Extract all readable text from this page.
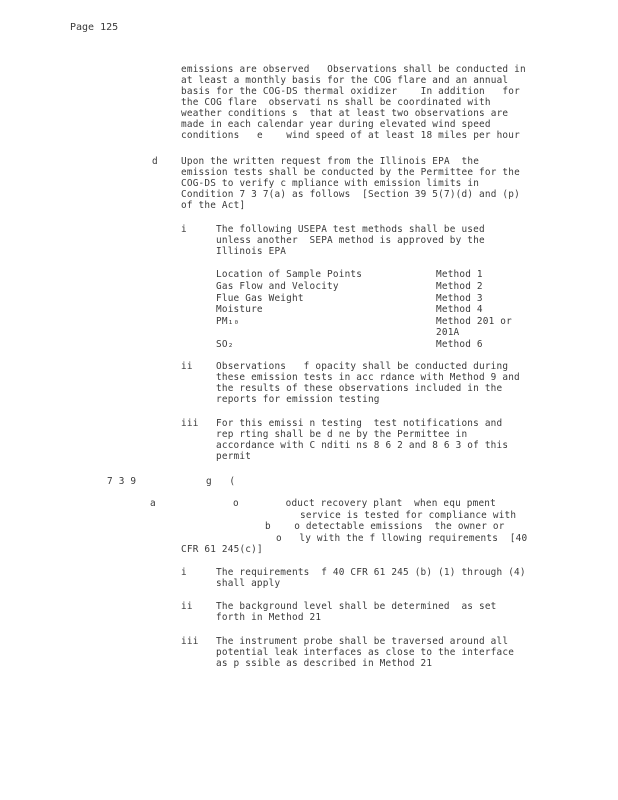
Page 125
emissions are observed   Observations shall be conducted in
at least a monthly basis for the COG flare and an annual
basis for the COG-DS thermal oxidizer    In addition   for
the COG flare  observati ns shall be coordinated with
weather conditions s  that at least two observations are
made in each calendar year during elevated wind speed
conditions   e    wind speed of at least 18 miles per hour
d Upon the written request from the Illinois EPA  the
emission tests shall be conducted by the Permittee for the
COG-DS to verify c mpliance with emission limits in
Condition 7 3 7(a) as follows  [Section 39 5(7)(d) and (p)
of the Act]
i	The following USEPA test methods shall be used
unless another  SEPA method is approved by the
Illinois EPA
Location of Sample Points	Method 1
Gas Flow and Velocity	Method 2
Flue Gas Weight	Method 3
Moisture	Method 4
PM₁₀	Method 201 or
201A
SO₂	Method 6
ii Observations   f opacity shall be conducted during
these emission tests in acc rdance with Method 9 and
the results of these observations included in the
reports for emission testing
iii For this emissi n testing  test notifications and
rep rting shall be d ne by the Permittee in
accordance with C nditi ns 8 6 2 and 8 6 3 of this
permit
7 3 9	g   (
a	o        oduct recovery plant  when equ pment
service is tested for compliance with
b    o detectable emissions  the owner or
o   ly with the f llowing requirements  [40
CFR 61 245(c)]
i	The requirements  f 40 CFR 61 245 (b) (1) through (4)
shall apply
ii The background level shall be determined  as set
forth in Method 21
iii The instrument probe shall be traversed around all
potential leak interfaces as close to the interface
as p ssible as described in Method 21
